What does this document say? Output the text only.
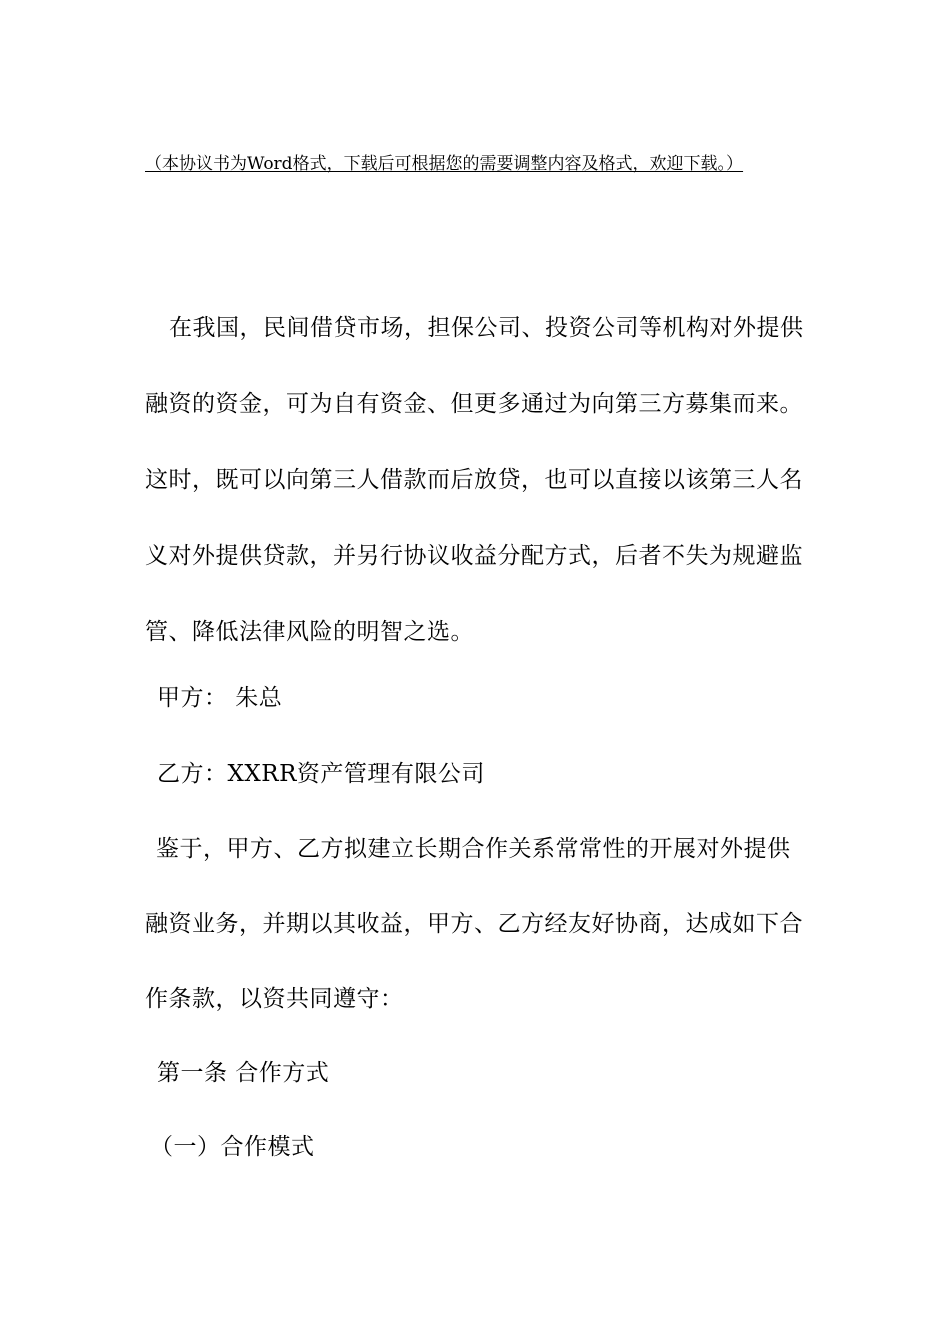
（本协议书为Word格式，下载后可根据您的需要调整内容及格式，欢迎下载。）
在我国，民间借贷市场，担保公司、投资公司等机构对外提供融资的资金，可为自有资金、但更多通过为向第三方募集而来。这时，既可以向第三人借款而后放贷，也可以直接以该第三人名义对外提供贷款，并另行协议收益分配方式，后者不失为规避监管、降低法律风险的明智之选。
甲方： 朱总
乙方：XXRR资产管理有限公司
鉴于，甲方、乙方拟建立长期合作关系常常性的开展对外提供融资业务，并期以其收益，甲方、乙方经友好协商，达成如下合作条款，以资共同遵守：
第一条 合作方式
（一）合作模式
